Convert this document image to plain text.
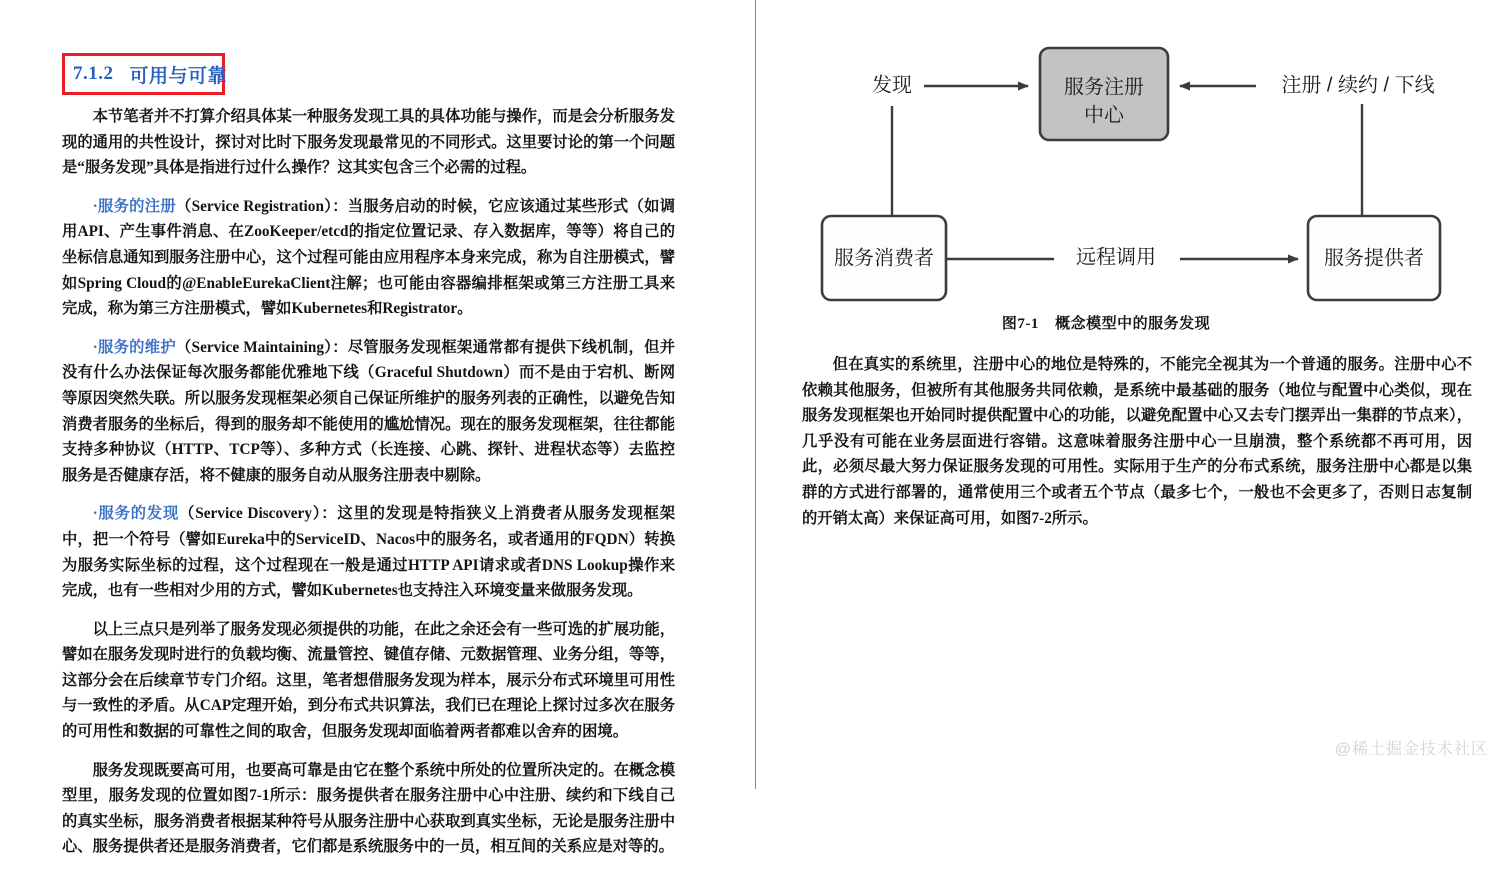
7.1.2 可用与可靠

本节笔者并不打算介绍具体某一种服务发现工具的具体功能与操作，而是会分析服务发现的通用的共性设计，探讨对比时下服务发现最常见的不同形式。这里要讨论的第一个问题是“服务发现”具体是指进行过什么操作？这其实包含三个必需的过程。

·服务的注册（Service Registration）：当服务启动的时候，它应该通过某些形式（如调用API、产生事件消息、在ZooKeeper/etcd的指定位置记录、存入数据库，等等）将自己的坐标信息通知到服务注册中心，这个过程可能由应用程序本身来完成，称为自注册模式，譬如Spring Cloud的@EnableEurekaClient注解；也可能由容器编排框架或第三方注册工具来完成，称为第三方注册模式，譬如Kubernetes和Registrator。

·服务的维护（Service Maintaining）：尽管服务发现框架通常都有提供下线机制，但并没有什么办法保证每次服务都能优雅地下线（Graceful Shutdown）而不是由于宕机、断网等原因突然失联。所以服务发现框架必须自己保证所维护的服务列表的正确性，以避免告知消费者服务的坐标后，得到的服务却不能使用的尴尬情况。现在的服务发现框架，往往都能支持多种协议（HTTP、TCP等）、多种方式（长连接、心跳、探针、进程状态等）去监控服务是否健康存活，将不健康的服务自动从服务注册表中剔除。

·服务的发现（Service Discovery）：这里的发现是特指狭义上消费者从服务发现框架中，把一个符号（譬如Eureka中的ServiceID、Nacos中的服务名，或者通用的FQDN）转换为服务实际坐标的过程，这个过程现在一般是通过HTTP API请求或者DNS Lookup操作来完成，也有一些相对少用的方式，譬如Kubernetes也支持注入环境变量来做服务发现。

以上三点只是列举了服务发现必须提供的功能，在此之余还会有一些可选的扩展功能，譬如在服务发现时进行的负载均衡、流量管控、键值存储、元数据管理、业务分组，等等，这部分会在后续章节专门介绍。这里，笔者想借服务发现为样本，展示分布式环境里可用性与一致性的矛盾。从CAP定理开始，到分布式共识算法，我们已在理论上探讨过多次在服务的可用性和数据的可靠性之间的取舍，但服务发现却面临着两者都难以舍弃的困境。

服务发现既要高可用，也要高可靠是由它在整个系统中所处的位置所决定的。在概念模型里，服务发现的位置如图7-1所示：服务提供者在服务注册中心中注册、续约和下线自己的真实坐标，服务消费者根据某种符号从服务注册中心获取到真实坐标，无论是服务注册中心、服务提供者还是服务消费者，它们都是系统服务中的一员，相互间的关系应是对等的。

服务注册
中心
服务消费者	服务提供者
发现	注册 / 续约 / 下线
远程调用
图7-1 概念模型中的服务发现

但在真实的系统里，注册中心的地位是特殊的，不能完全视其为一个普通的服务。注册中心不依赖其他服务，但被所有其他服务共同依赖，是系统中最基础的服务（地位与配置中心类似，现在服务发现框架也开始同时提供配置中心的功能，以避免配置中心又去专门摆弄出一集群的节点来），几乎没有可能在业务层面进行容错。这意味着服务注册中心一旦崩溃，整个系统都不再可用，因此，必须尽最大努力保证服务发现的可用性。实际用于生产的分布式系统，服务注册中心都是以集群的方式进行部署的，通常使用三个或者五个节点（最多七个，一般也不会更多了，否则日志复制的开销太高）来保证高可用，如图7-2所示。

@稀土掘金技术社区
